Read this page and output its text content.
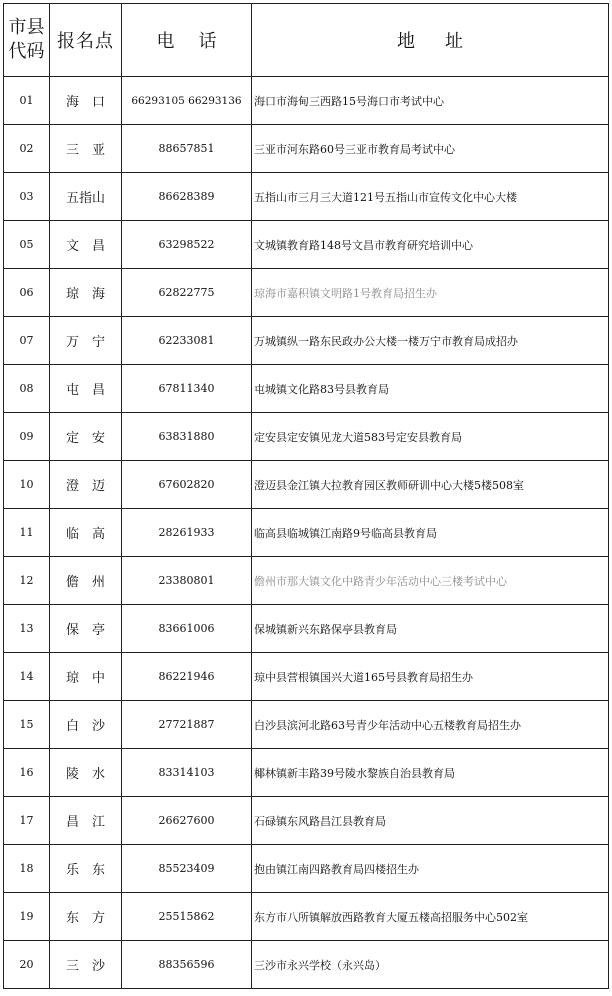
市县
代码	报名点	电 话	地 址
01	海　口	66293105 66293136	海口市海甸三西路15号海口市考试中心
02	三　亚	88657851	三亚市河东路60号三亚市教育局考试中心
03	五指山	86628389	五指山市三月三大道121号五指山市宣传文化中心大楼
05	文　昌	63298522	文城镇教育路148号文昌市教育研究培训中心
06	琼　海	62822775	琼海市嘉积镇文明路1号教育局招生办
07	万　宁	62233081	万城镇纵一路东民政办公大楼一楼万宁市教育局成招办
08	屯　昌	67811340	屯城镇文化路83号县教育局
09	定　安	63831880	定安县定安镇见龙大道583号定安县教育局
10	澄　迈	67602820	澄迈县金江镇大拉教育园区教师研训中心大楼5楼508室
11	临　高	28261933	临高县临城镇江南路9号临高县教育局
12	儋　州	23380801	儋州市那大镇文化中路青少年活动中心三楼考试中心
13	保　亭	83661006	保城镇新兴东路保亭县教育局
14	琼　中	86221946	琼中县营根镇国兴大道165号县教育局招生办
15	白　沙	27721887	白沙县滨河北路63号青少年活动中心五楼教育局招生办
16	陵　水	83314103	椰林镇新丰路39号陵水黎族自治县教育局
17	昌　江	26627600	石碌镇东风路昌江县教育局
18	乐　东	85523409	抱由镇江南四路教育局四楼招生办
19	东　方	25515862	东方市八所镇解放西路教育大厦五楼高招服务中心502室
20	三　沙	88356596	三沙市永兴学校（永兴岛）
